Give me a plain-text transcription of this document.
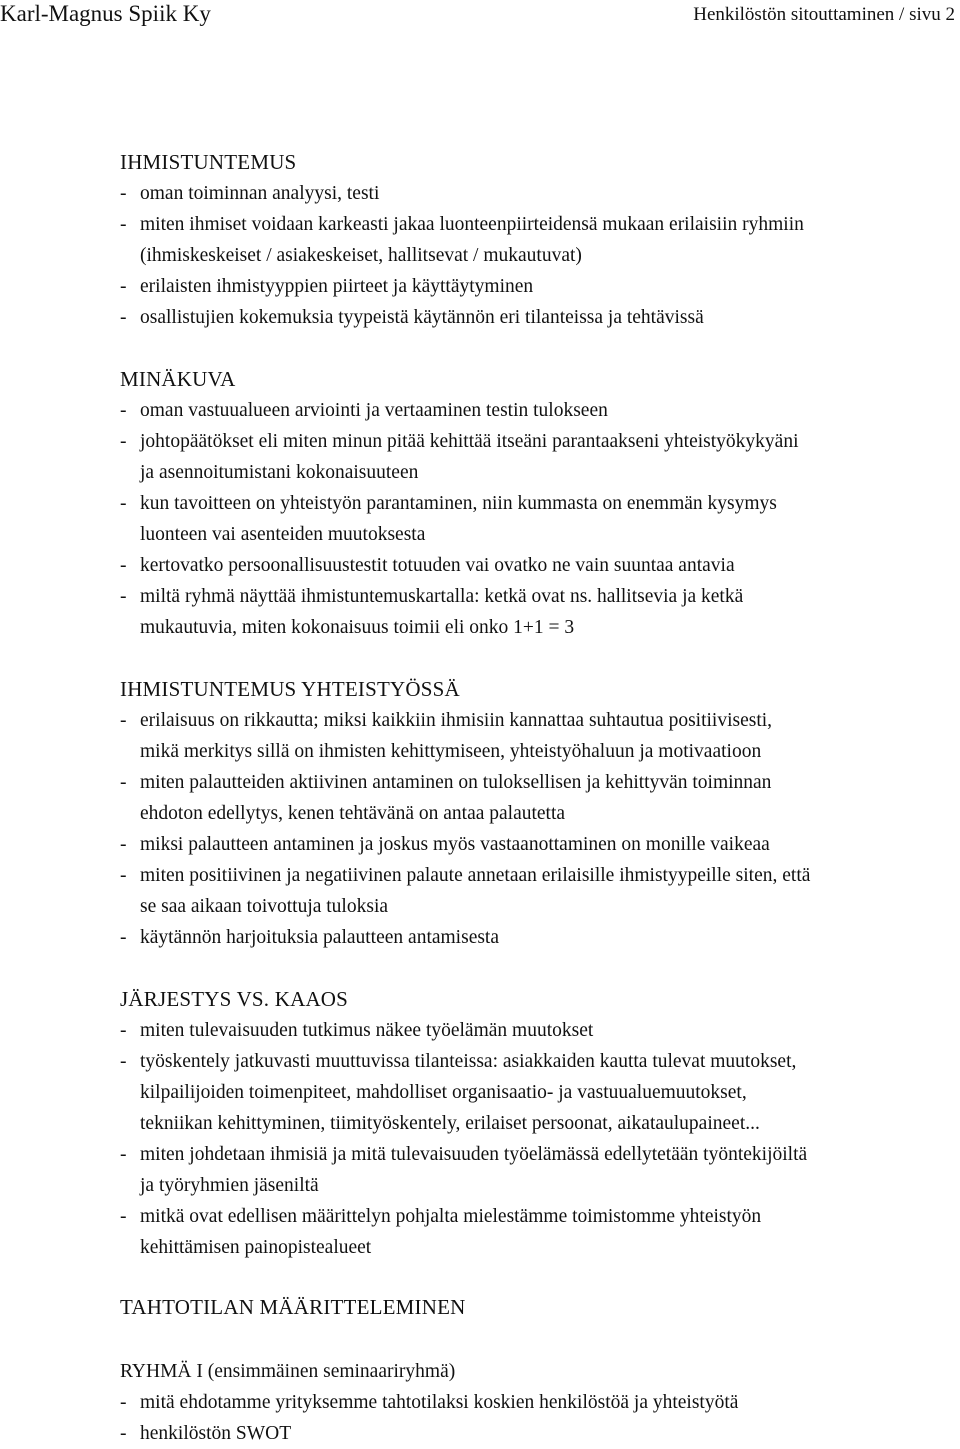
Karl-Magnus Spiik Ky	Henkilöstön sitouttaminen / sivu 2
IHMISTUNTEMUS
- oman toiminnan analyysi, testi
- miten ihmiset voidaan karkeasti jakaa luonteenpiirteidensä mukaan erilaisiin ryhmiin
(ihmiskeskeiset / asiakeskeiset, hallitsevat / mukautuvat)
- erilaisten ihmistyyppien piirteet ja käyttäytyminen
- osallistujien kokemuksia tyypeistä käytännön eri tilanteissa ja tehtävissä
MINÄKUVA
- oman vastuualueen arviointi ja vertaaminen testin tulokseen
- johtopäätökset eli miten minun pitää kehittää itseäni parantaakseni yhteistyökykyäni
ja asennoitumistani kokonaisuuteen
- kun tavoitteen on yhteistyön parantaminen, niin kummasta on enemmän kysymys
luonteen vai asenteiden muutoksesta
- kertovatko persoonallisuustestit totuuden vai ovatko ne vain suuntaa antavia
- miltä ryhmä näyttää ihmistuntemuskartalla: ketkä ovat ns. hallitsevia ja ketkä
mukautuvia, miten kokonaisuus toimii eli onko 1+1 = 3
IHMISTUNTEMUS YHTEISTYÖSSÄ
- erilaisuus on rikkautta; miksi kaikkiin ihmisiin kannattaa suhtautua positiivisesti,
mikä merkitys sillä on ihmisten kehittymiseen, yhteistyöhaluun ja motivaatioon
- miten palautteiden aktiivinen antaminen on tuloksellisen ja kehittyvän toiminnan
ehdoton edellytys, kenen tehtävänä on antaa palautetta
- miksi palautteen antaminen ja joskus myös vastaanottaminen on monille vaikeaa
- miten positiivinen ja negatiivinen palaute annetaan erilaisille ihmistyypeille siten, että
se saa aikaan toivottuja tuloksia
- käytännön harjoituksia palautteen antamisesta
JÄRJESTYS VS. KAAOS
- miten tulevaisuuden tutkimus näkee työelämän muutokset
- työskentely jatkuvasti muuttuvissa tilanteissa: asiakkaiden kautta tulevat muutokset,
kilpailijoiden toimenpiteet, mahdolliset organisaatio- ja vastuualuemuutokset,
tekniikan kehittyminen, tiimityöskentely, erilaiset persoonat, aikataulupaineet...
- miten johdetaan ihmisiä ja mitä tulevaisuuden työelämässä edellytetään työntekijöiltä
ja työryhmien jäseniltä
- mitkä ovat edellisen määrittelyn pohjalta mielestämme toimistomme yhteistyön
kehittämisen painopistealueet
TAHTOTILAN MÄÄRITTELEMINEN
RYHMÄ I (ensimmäinen seminaariryhmä)
- mitä ehdotamme yrityksemme tahtotilaksi koskien henkilöstöä ja yhteistyötä
- henkilöstön SWOT
